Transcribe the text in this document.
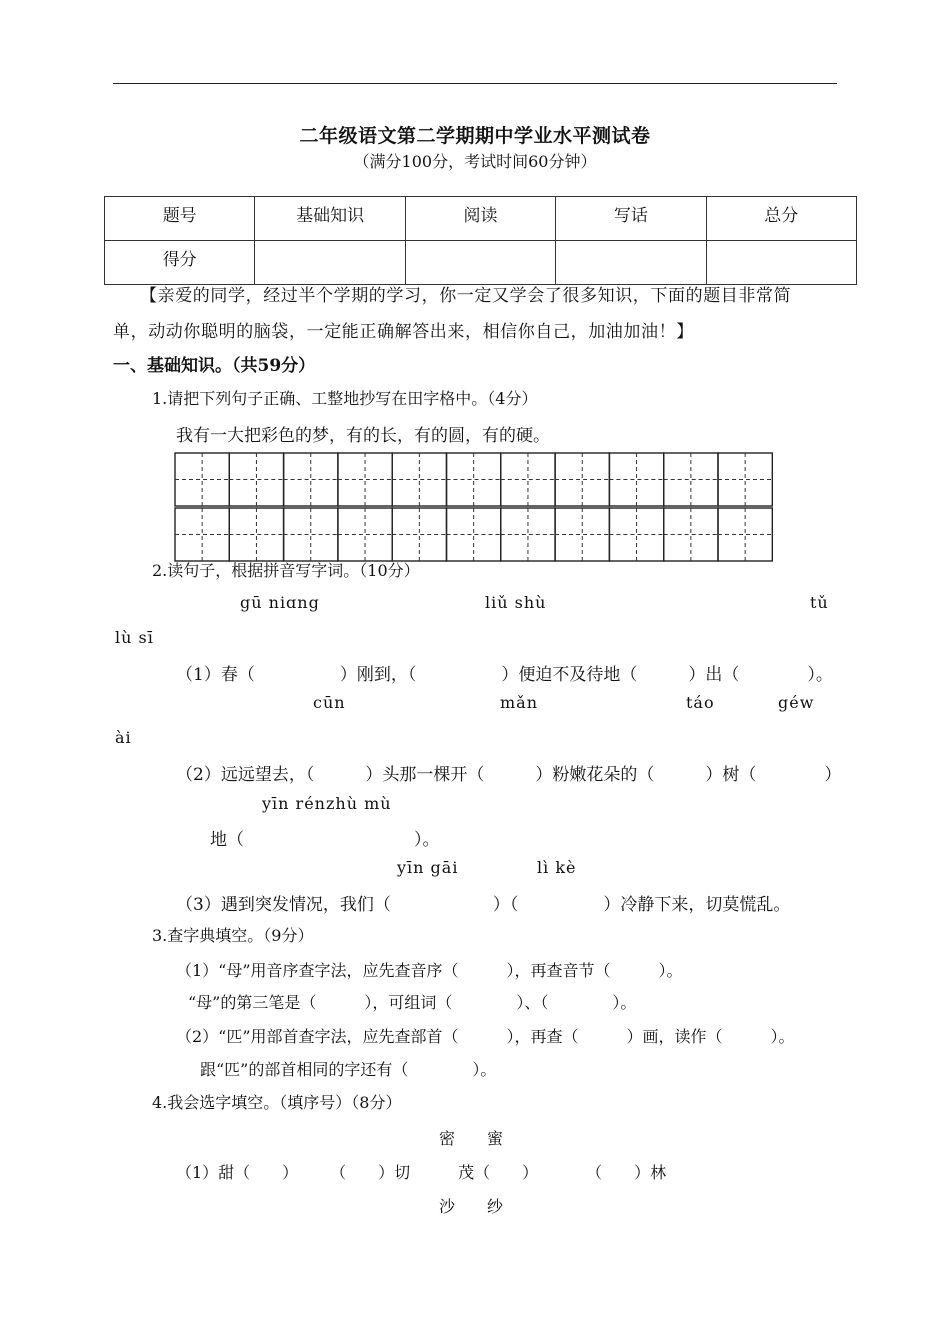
二年级语文第二学期期中学业水平测试卷
（满分100分，考试时间60分钟）
题号	基础知识	阅读	写话	总分
得分				
【亲爱的同学，经过半个学期的学习，你一定又学会了很多知识，下面的题目非常简
单，动动你聪明的脑袋，一定能正确解答出来，相信你自己，加油加油！】
一、基础知识。（共59分）
1.请把下列句子正确、工整地抄写在田字格中。（4分）
我有一大把彩色的梦，有的长，有的圆，有的硬。
2.读句子，根据拼音写字词。（10分）
gū niɑng	liǔ shù	tǔ
lù sī
（1）春（　　　　　）刚到，（　　　　　）便迫不及待地（　　　）出（　　　　）。
cūn	mǎn	táo	géw
ài
（2）远远望去，（　　　）头那一棵开（　　　）粉嫩花朵的（　　　）树（　　　　）
yīn rénzhù mù
地（　　　　　　　　　　）。
yīn gāi	lì kè
（3）遇到突发情况，我们（　　　　　　）（　　　　　）冷静下来，切莫慌乱。
3.查字典填空。（9分）
（1）“母”用音序查字法，应先查音序（　　　），再查音节（　　　）。
“母”的第三笔是（　　　），可组词（　　　　）、（　　　　）。
（2）“匹”用部首查字法，应先查部首（　　　），再查（　　　）画，读作（　　　）。
跟“匹”的部首相同的字还有（　　　　）。
4.我会选字填空。（填序号）（8分）
密　　蜜
（1）甜（　　）　　　（　　）切　　　茂（　　）　　　　（　　）林
沙　　纱
